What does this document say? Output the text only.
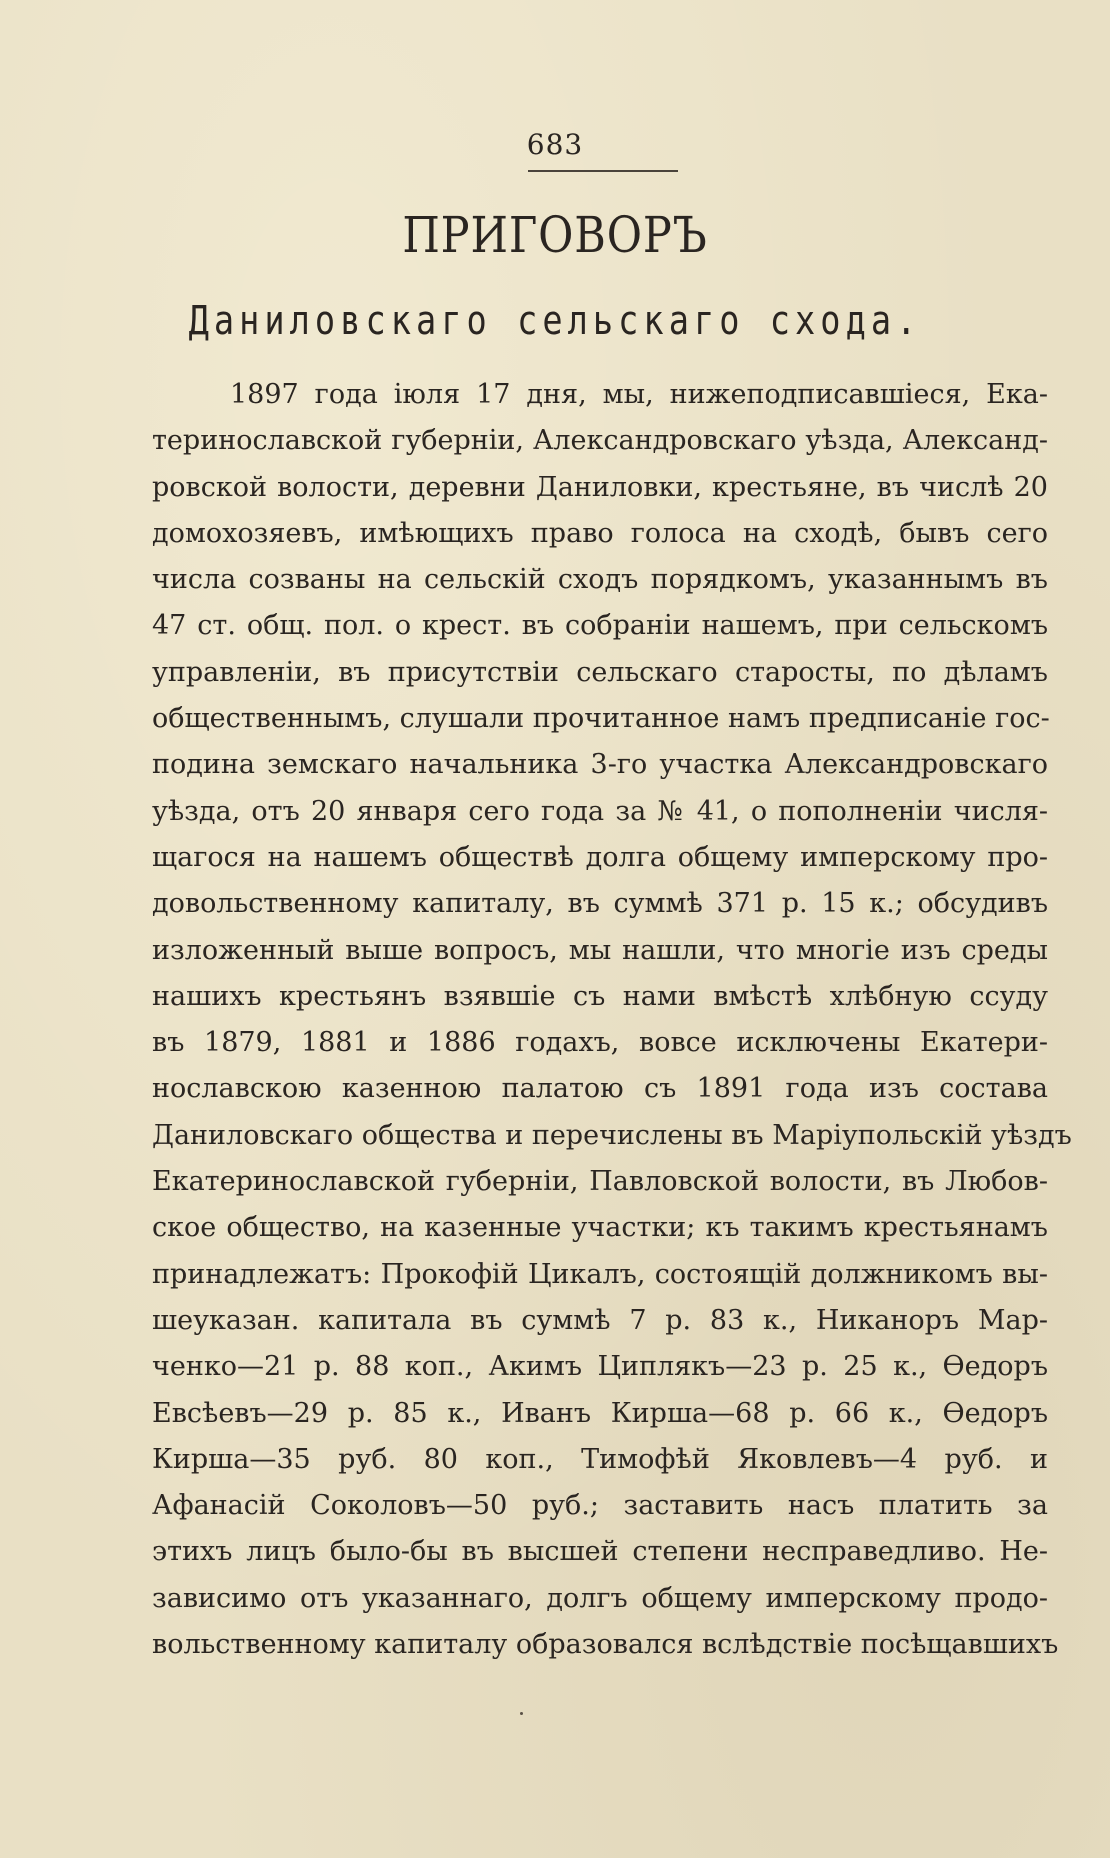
683
ПРИГОВОРЪ
Даниловскаго сельскаго схода.
1897 года іюля 17 дня, мы, нижеподписавшіеся, Ека-
теринославской губерніи, Александровскаго уѣзда, Александ-
ровской волости, деревни Даниловки, крестьяне, въ числѣ 20
домохозяевъ, имѣющихъ право голоса на сходѣ, бывъ сего
числа созваны на сельскій сходъ порядкомъ, указаннымъ въ
47 ст. общ. пол. о крест. въ собраніи нашемъ, при сельскомъ
управленіи, въ присутствіи сельскаго старосты, по дѣламъ
общественнымъ, слушали прочитанное намъ предписаніе гос-
подина земскаго начальника 3-го участка Александровскаго
уѣзда, отъ 20 января сего года за № 41, о пополненіи числя-
щагося на нашемъ обществѣ долга общему имперскому про-
довольственному капиталу, въ суммѣ 371 р. 15 к.; обсудивъ
изложенный выше вопросъ, мы нашли, что многіе изъ среды
нашихъ крестьянъ взявшіе съ нами вмѣстѣ хлѣбную ссуду
въ 1879, 1881 и 1886 годахъ, вовсе исключены Екатери-
нославскою казенною палатою съ 1891 года изъ состава
Даниловскаго общества и перечислены въ Маріупольскій уѣздъ
Екатеринославской губерніи, Павловской волости, въ Любов-
ское общество, на казенные участки; къ такимъ крестьянамъ
принадлежатъ: Прокофій Цикалъ, состоящій должникомъ вы-
шеуказан. капитала въ суммѣ 7 р. 83 к., Никаноръ Мар-
ченко—21 р. 88 коп., Акимъ Циплякъ—23 р. 25 к., Ѳедоръ
Евсѣевъ—29 р. 85 к., Иванъ Кирша—68 р. 66 к., Ѳедоръ
Кирша—35 руб. 80 коп., Тимофѣй Яковлевъ—4 руб. и
Афанасій Соколовъ—50 руб.; заставить насъ платить за
этихъ лицъ было-бы въ высшей степени несправедливо. Не-
зависимо отъ указаннаго, долгъ общему имперскому продо-
вольственному капиталу образовался вслѣдствіе посѣщавшихъ
